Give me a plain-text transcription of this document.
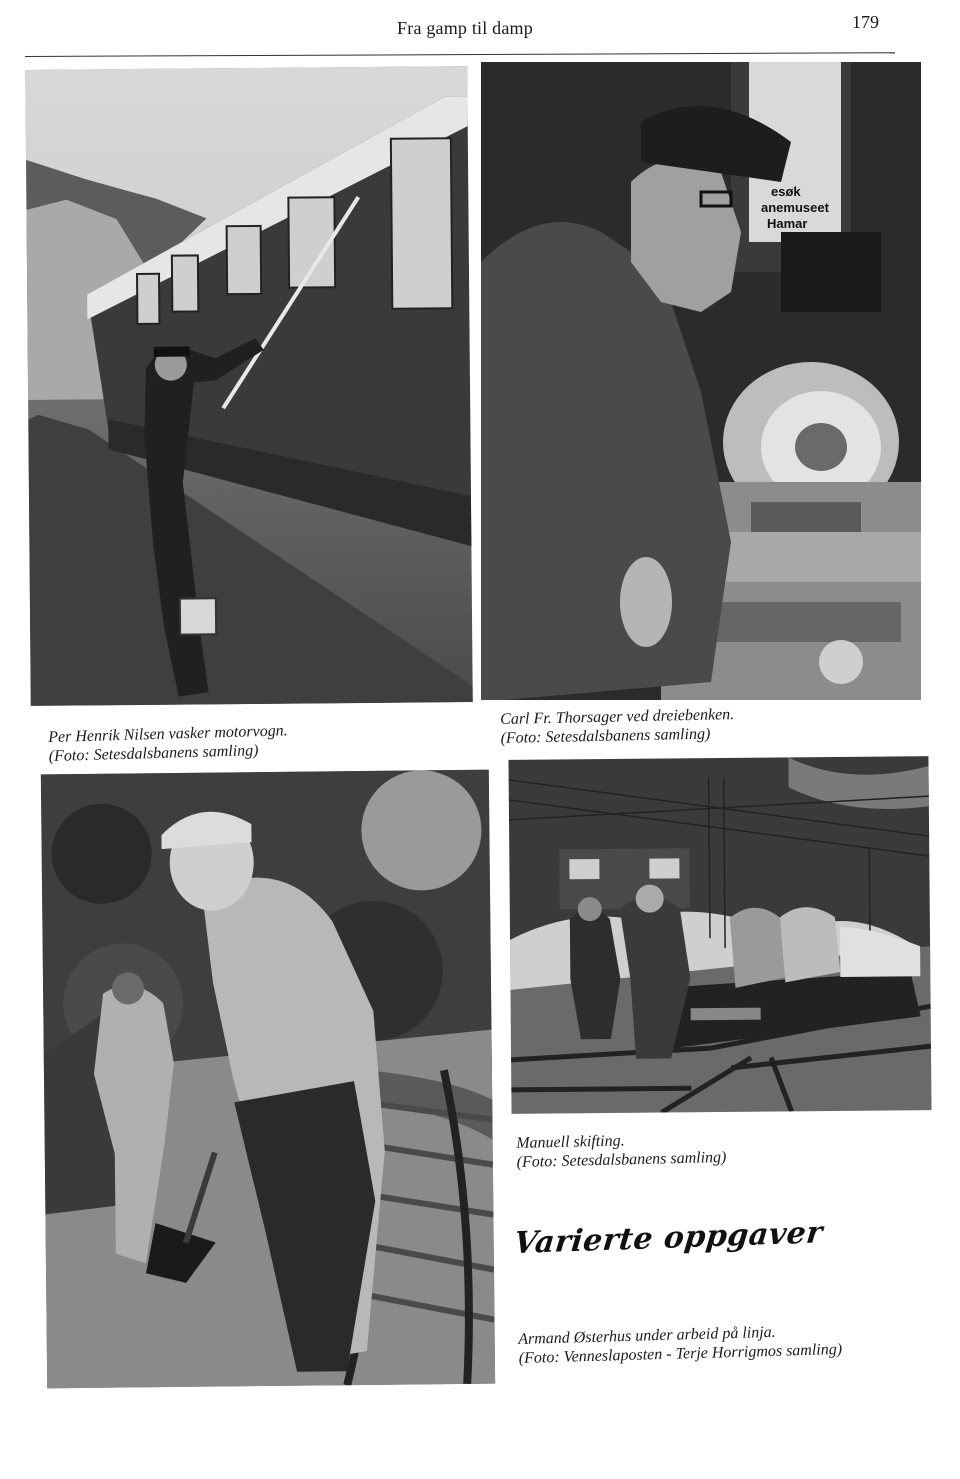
Fra gamp til damp	179
esøk
anemuseet
Hamar
Per Henrik Nilsen vasker motorvogn.
(Foto: Setesdalsbanens samling)
Carl Fr. Thorsager ved dreiebenken.
(Foto: Setesdalsbanens samling)
Manuell skifting.
(Foto: Setesdalsbanens samling)
Varierte oppgaver
Armand Østerhus under arbeid på linja.
(Foto: Venneslaposten - Terje Horrigmos samling)
